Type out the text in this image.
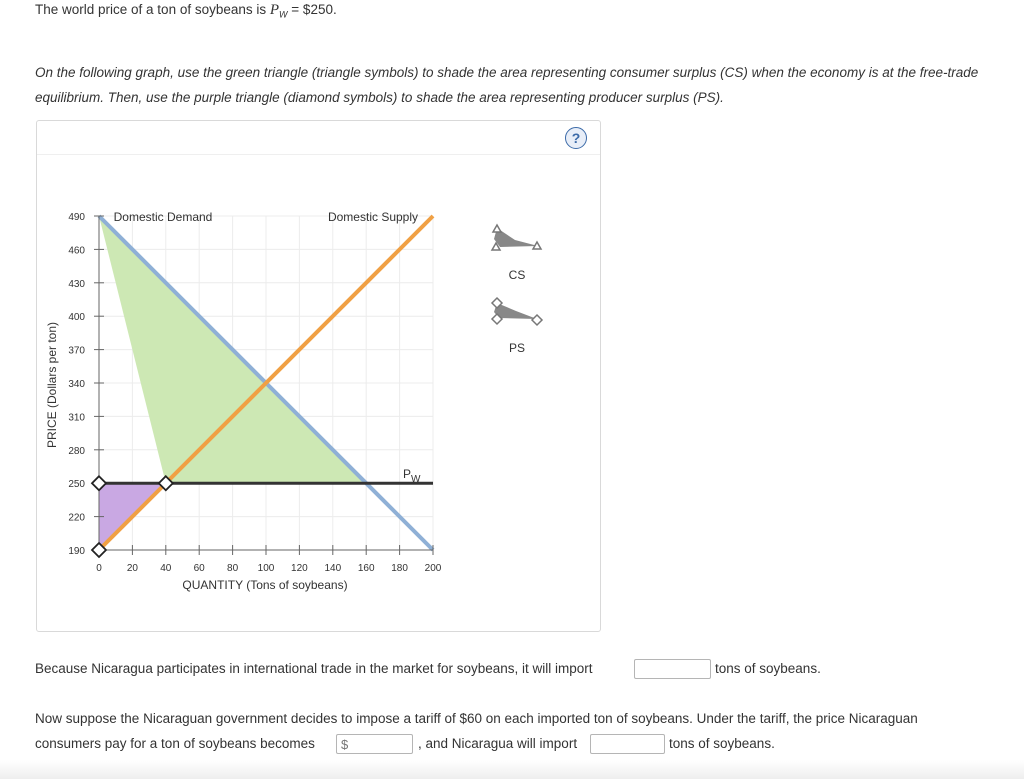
The world price of a ton of soybeans is $P_W$ = $250.
On the following graph, use the green triangle (triangle symbols) to shade the area representing consumer surplus (CS) when the economy is at the free-trade equilibrium. Then, use the purple triangle (diamond symbols) to shade the area representing producer surplus (PS).
?
0	20 40 60 80 100 120 140 160 180 200
190
220
250
280
310
340
370
400
430
460
490 Domestic Demand	Domestic Supply
$P_W$
QUANTITY (Tons of soybeans)
PRICE (Dollars per ton)
CS
PS
Because Nicaragua participates in international trade in the market for soybeans, it will import	tons of soybeans.
Now suppose the Nicaraguan government decides to impose a tariff of $60 on each imported ton of soybeans. Under the tariff, the price Nicaraguan
consumers pay for a ton of soybeans becomes
$	, and Nicaragua will import	tons of soybeans.
